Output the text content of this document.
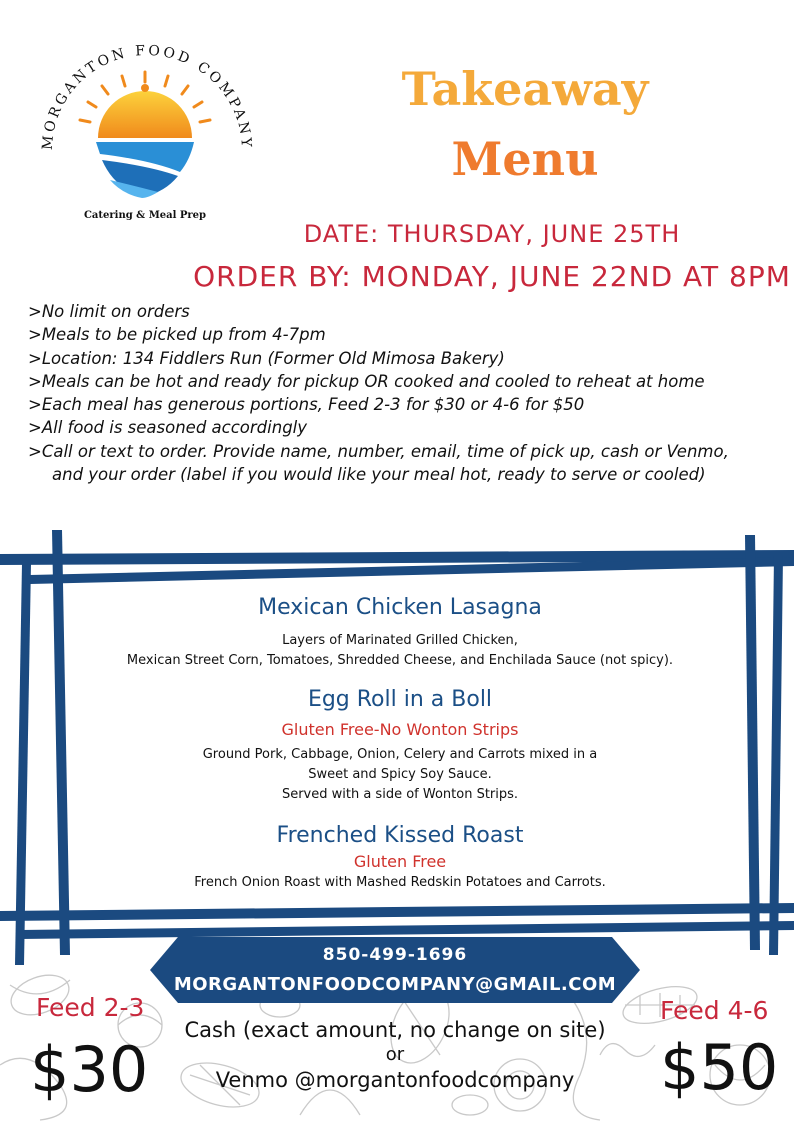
MORGANTON FOOD COMPANY
Catering & Meal Prep
Takeaway
Menu
DATE: THURSDAY, JUNE 25TH
ORDER BY: MONDAY, JUNE 22ND AT 8PM
>No limit on orders
>Meals to be picked up from 4-7pm
>Location: 134 Fiddlers Run (Former Old Mimosa Bakery)
>Meals can be hot and ready for pickup OR cooked and cooled to reheat at home
>Each meal has generous portions, Feed 2-3 for $30 or 4-6 for $50
>All food is seasoned accordingly
>Call or text to order. Provide name, number, email, time of pick up, cash or Venmo,
and your order (label if you would like your meal hot, ready to serve or cooled)
Mexican Chicken Lasagna
Layers of Marinated Grilled Chicken,
Mexican Street Corn, Tomatoes, Shredded Cheese, and Enchilada Sauce (not spicy).
Egg Roll in a Boll
Gluten Free-No Wonton Strips
Ground Pork, Cabbage, Onion, Celery and Carrots mixed in a
Sweet and Spicy Soy Sauce.
Served with a side of Wonton Strips.
Frenched Kissed Roast
Gluten Free
French Onion Roast with Mashed Redskin Potatoes and Carrots.
850-499-1696
MORGANTONFOODCOMPANY@GMAIL.COM
Feed 2-3
$30
Feed 4-6
$50
Cash (exact amount, no change on site)
or
Venmo @morgantonfoodcompany
